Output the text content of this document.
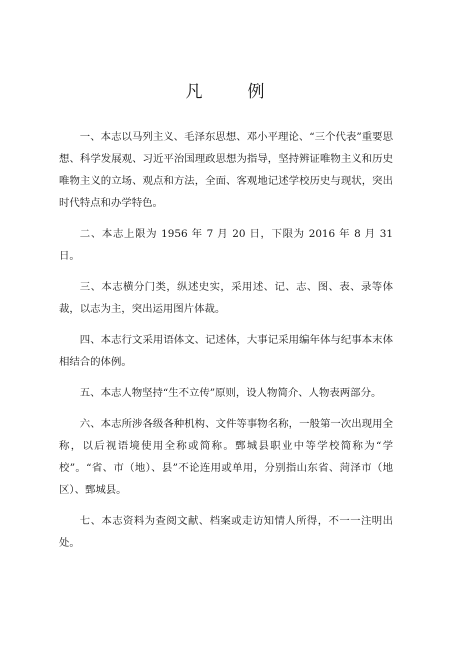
凡　例

一、本志以马列主义、毛泽东思想、邓小平理论、“三个代表”重要思想、科学发展观、习近平治国理政思想为指导，坚持辨证唯物主义和历史唯物主义的立场、观点和方法，全面、客观地记述学校历史与现状，突出时代特点和办学特色。

二、本志上限为 1956 年 7 月 20 日，下限为 2016 年 8 月 31 日。

三、本志横分门类，纵述史实，采用述、记、志、图、表、录等体裁，以志为主，突出运用图片体裁。

四、本志行文采用语体文、记述体，大事记采用编年体与纪事本末体相结合的体例。

五、本志人物坚持“生不立传”原则，设人物简介、人物表两部分。

六、本志所涉各级各种机构、文件等事物名称，一般第一次出现用全称，以后视语境使用全称或简称。鄄城县职业中等学校简称为“学校”。“省、市（地）、县”不论连用或单用，分别指山东省、菏泽市（地区）、鄄城县。

七、本志资料为查阅文献、档案或走访知情人所得，不一一注明出处。
